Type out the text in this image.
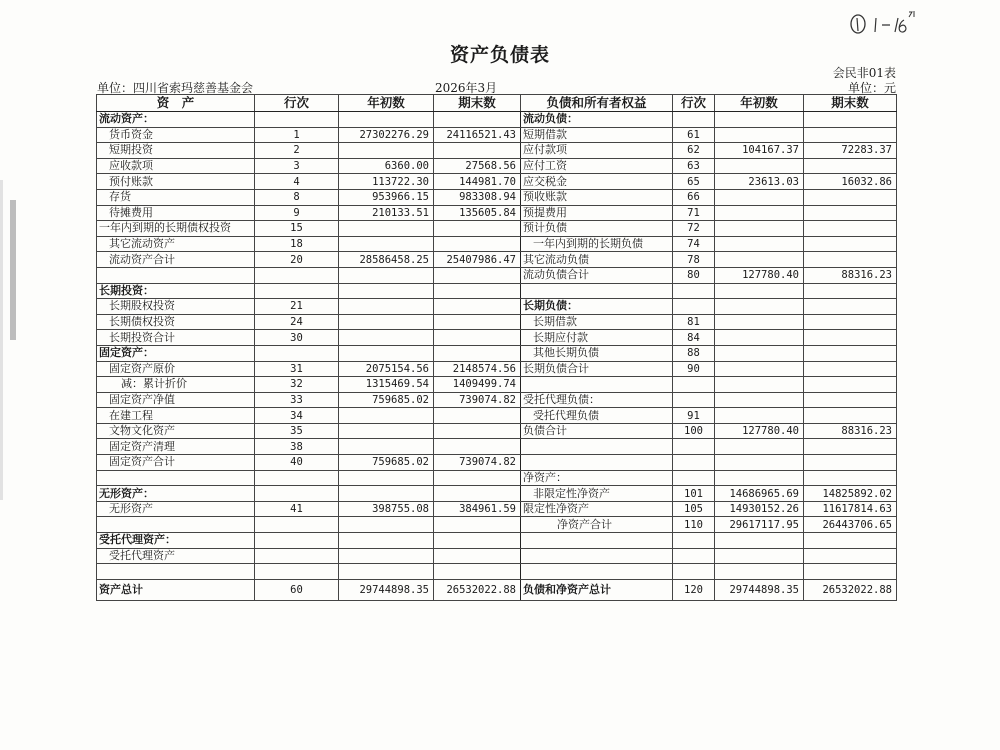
资产负债表
会民非01表
单位：四川省索玛慈善基金会	2026年3月	单位：元
资　产	行次	年初数	期末数	负债和所有者权益	行次	年初数	期末数
流动资产：				流动负债：			
货币资金	1	27302276.29	24116521.43	短期借款	61		
短期投资	2			应付款项	62	104167.37	72283.37
应收款项	3	6360.00	27568.56	应付工资	63		
预付账款	4	113722.30	144981.70	应交税金	65	23613.03	16032.86
存货	8	953966.15	983308.94	预收账款	66		
待摊费用	9	210133.51	135605.84	预提费用	71		
一年内到期的长期债权投资	15			预计负债	72		
其它流动资产	18			一年内到期的长期负债	74		
流动资产合计	20	28586458.25	25407986.47	其它流动负债	78		
				流动负债合计	80	127780.40	88316.23
长期投资：							
长期股权投资	21			长期负债：			
长期债权投资	24			长期借款	81		
长期投资合计	30			长期应付款	84		
固定资产：				其他长期负债	88		
固定资产原价	31	2075154.56	2148574.56	长期负债合计	90		
减：累计折价	32	1315469.54	1409499.74				
固定资产净值	33	759685.02	739074.82	受托代理负债：			
在建工程	34			受托代理负债	91		
文物文化资产	35			负债合计	100	127780.40	88316.23
固定资产清理	38						
固定资产合计	40	759685.02	739074.82				
				净资产：			
无形资产：				非限定性净资产	101	14686965.69	14825892.02
无形资产	41	398755.08	384961.59	限定性净资产	105	14930152.26	11617814.63
				净资产合计	110	29617117.95	26443706.65
受托代理资产：							
受托代理资产							

资产总计	60	29744898.35	26532022.88	负债和净资产总计	120	29744898.35	26532022.88
